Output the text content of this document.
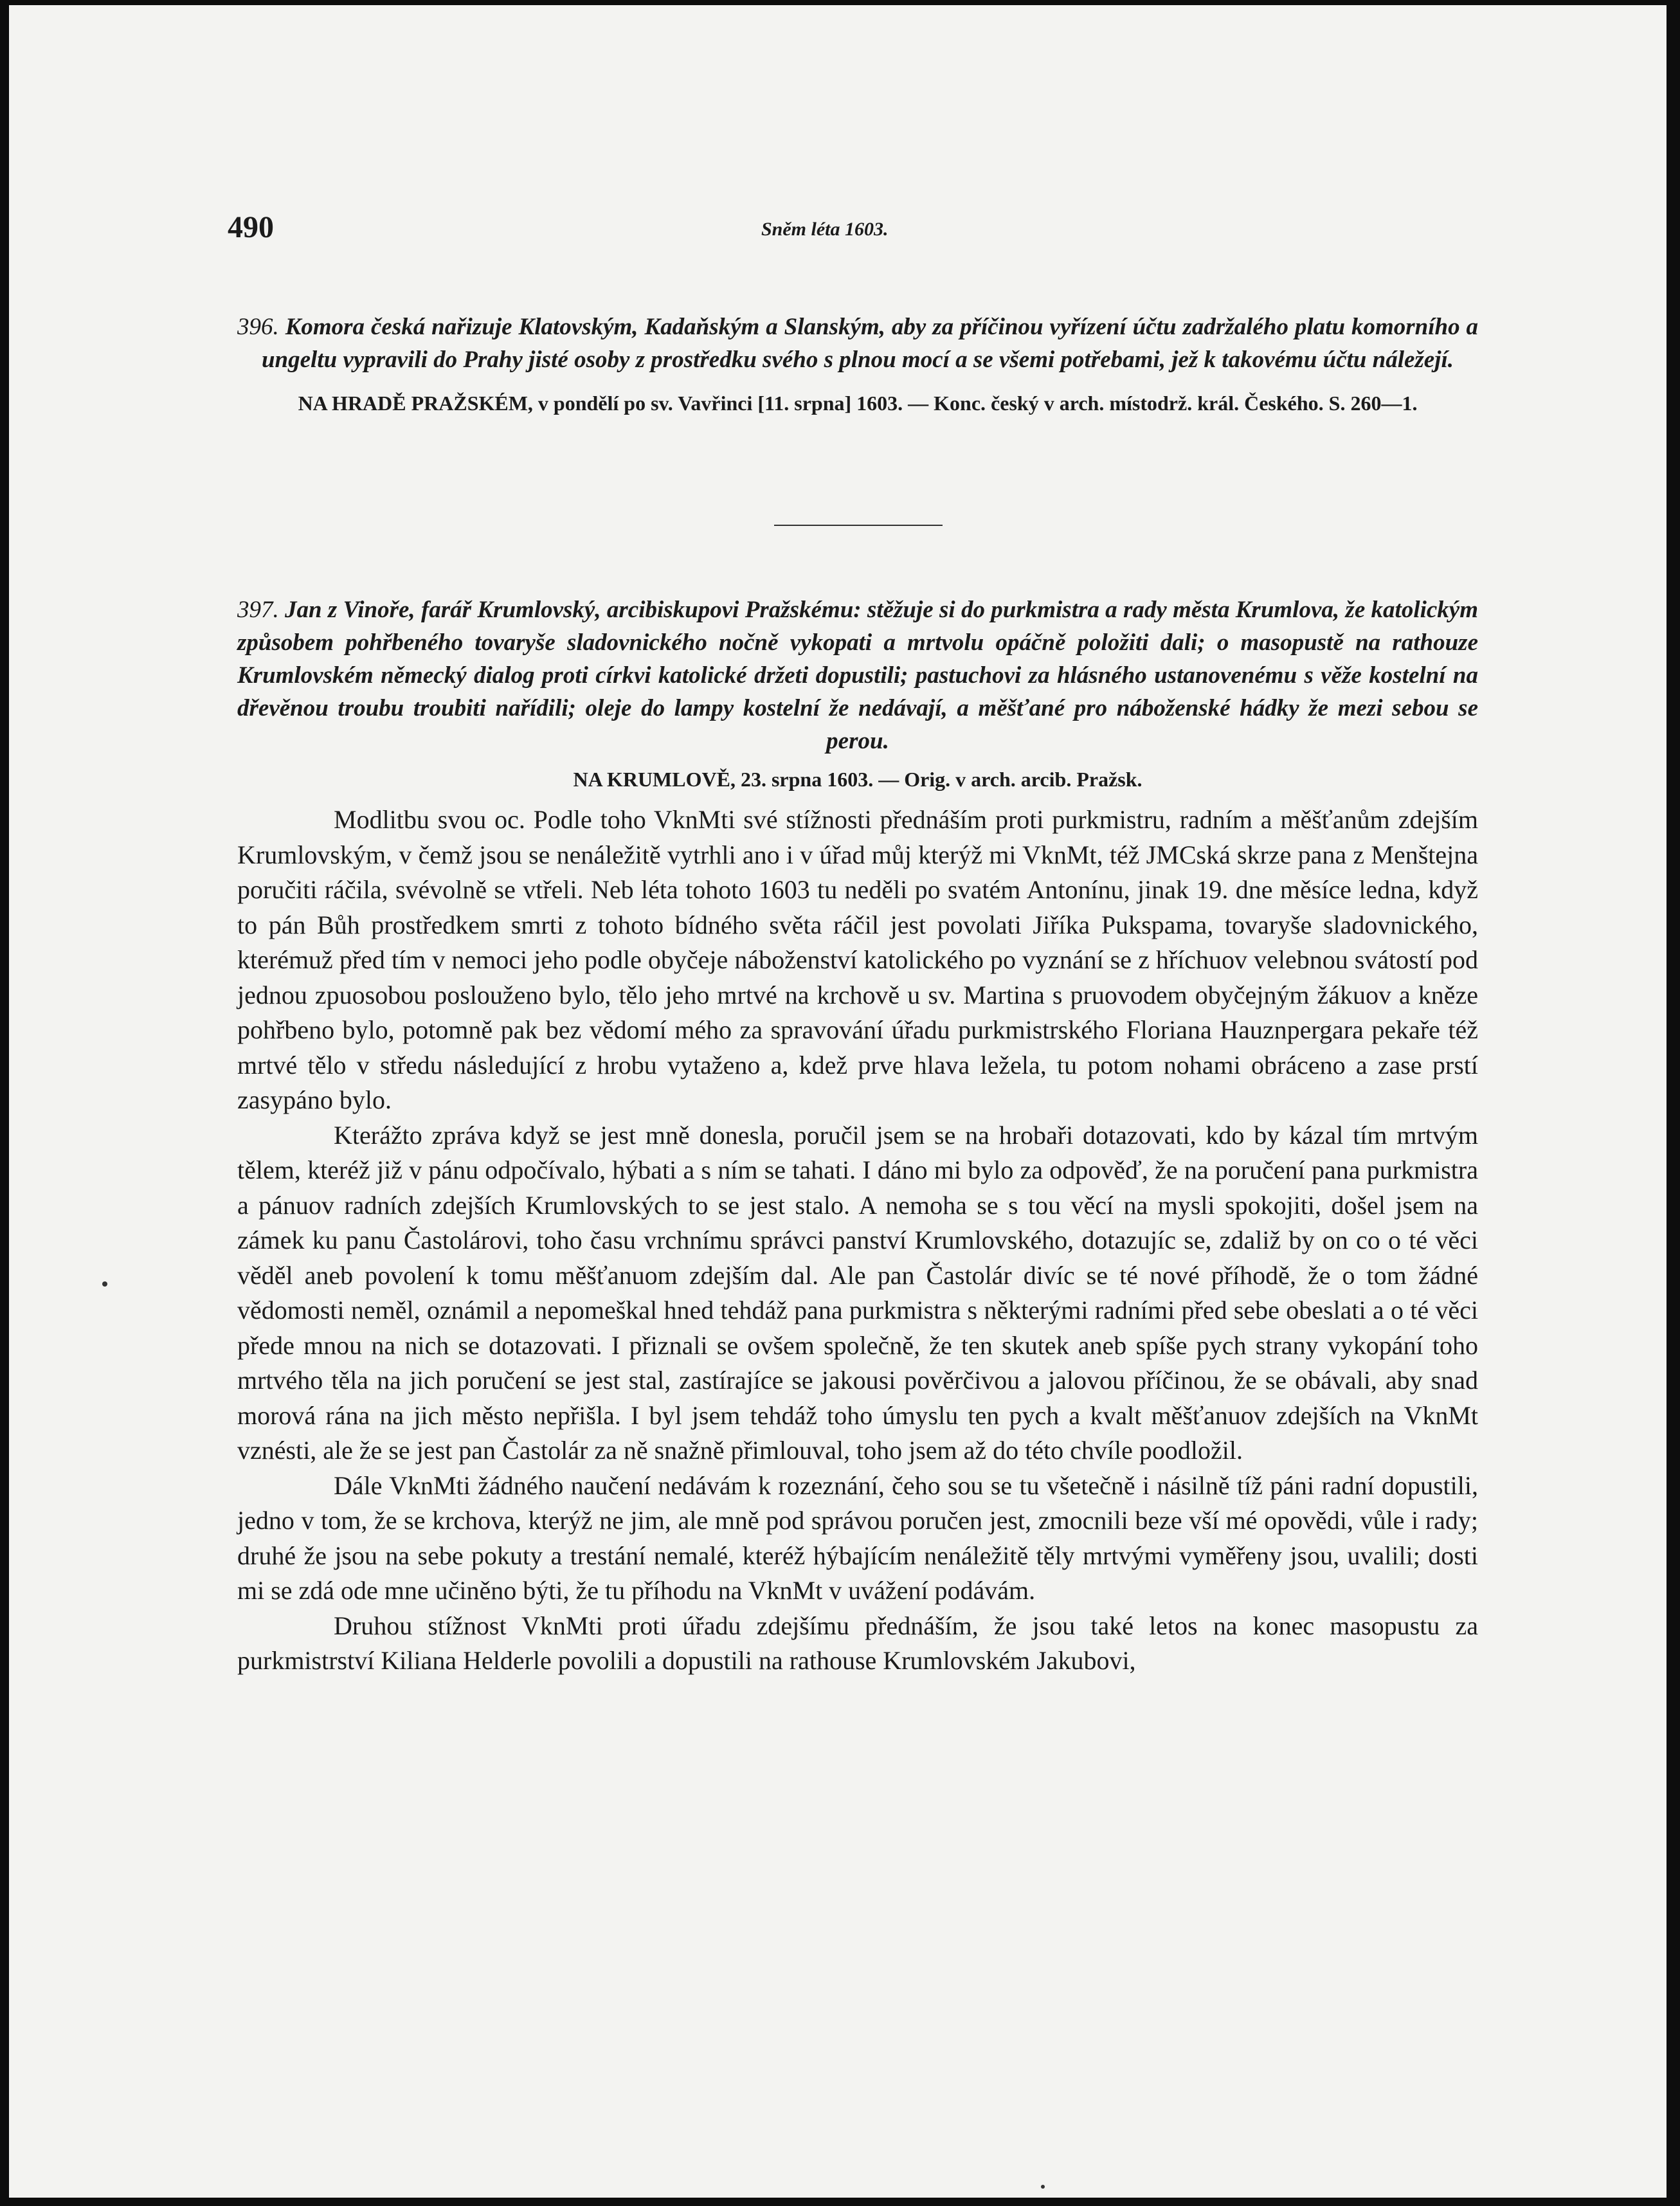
490	Sněm léta 1603.

396. Komora česká nařizuje Klatovským, Kadaňským a Slanským, aby za příčinou vyřízení účtu zadržalého platu komorního a ungeltu vypravili do Prahy jisté osoby z prostředku svého s plnou mocí a se všemi potřebami, jež k takovému účtu náležejí.

NA HRADĚ PRAŽSKÉM, v pondělí po sv. Vavřinci [11. srpna] 1603. — Konc. český v arch. místodrž. král. Českého. S. 260—1.

397. Jan z Vinoře, farář Krumlovský, arcibiskupovi Pražskému: stěžuje si do purkmistra a rady města Krumlova, že katolickým způsobem pohřbeného tovaryše sladovnického nočně vykopati a mrtvolu opáčně položiti dali; o masopustě na rathouze Krumlovském německý dialog proti církvi katolické držeti dopustili; pastuchovi za hlásného ustanovenému s věže kostelní na dřevěnou troubu troubiti nařídili; oleje do lampy kostelní že nedávají, a měšťané pro náboženské hádky že mezi sebou se perou.

NA KRUMLOVĚ, 23. srpna 1603. — Orig. v arch. arcib. Pražsk.

Modlitbu svou oc. Podle toho VknMti své stížnosti přednáším proti purkmistru, radním a měšťanům zdejším Krumlovským, v čemž jsou se nenáležitě vytrhli ano i v úřad můj kterýž mi VknMt, též JMCská skrze pana z Menštejna poručiti ráčila, svévolně se vtřeli. Neb léta tohoto 1603 tu neděli po svatém Antonínu, jinak 19. dne měsíce ledna, když to pán Bůh prostředkem smrti z tohoto bídného světa ráčil jest povolati Jiříka Pukspama, tovaryše sladovnického, kterémuž před tím v nemoci jeho podle obyčeje náboženství katolického po vyznání se z hříchuov velebnou svátostí pod jednou zpuosobou poslouženo bylo, tělo jeho mrtvé na krchově u sv. Martina s pruovodem obyčejným žákuov a kněze pohřbeno bylo, potomně pak bez vědomí mého za spravování úřadu purkmistrského Floriana Hauznpergara pekaře též mrtvé tělo v středu následující z hrobu vytaženo a, kdež prve hlava ležela, tu potom nohami obráceno a zase prstí zasypáno bylo.

Kterážto zpráva když se jest mně donesla, poručil jsem se na hrobaři dotazovati, kdo by kázal tím mrtvým tělem, kteréž již v pánu odpočívalo, hýbati a s ním se tahati. I dáno mi bylo za odpověď, že na poručení pana purkmistra a pánuov radních zdejších Krumlovských to se jest stalo. A nemoha se s tou věcí na mysli spokojiti, došel jsem na zámek ku panu Častolárovi, toho času vrchnímu správci panství Krumlovského, dotazujíc se, zdaliž by on co o té věci věděl aneb povolení k tomu měšťanuom zdejším dal. Ale pan Častolár divíc se té nové příhodě, že o tom žádné vědomosti neměl, oznámil a nepomeškal hned tehdáž pana purkmistra s některými radními před sebe obeslati a o té věci přede mnou na nich se dotazovati. I přiznali se ovšem společně, že ten skutek aneb spíše pych strany vykopání toho mrtvého těla na jich poručení se jest stal, zastírajíce se jakousi pověrčivou a jalovou příčinou, že se obávali, aby snad morová rána na jich město nepřišla. I byl jsem tehdáž toho úmyslu ten pych a kvalt měšťanuov zdejších na VknMt vznésti, ale že se jest pan Častolár za ně snažně přimlouval, toho jsem až do této chvíle poodložil.

Dále VknMti žádného naučení nedávám k rozeznání, čeho sou se tu všetečně i násilně tíž páni radní dopustili, jedno v tom, že se krchova, kterýž ne jim, ale mně pod správou poručen jest, zmocnili beze vší mé opovědi, vůle i rady; druhé že jsou na sebe pokuty a trestání nemalé, kteréž hýbajícím nenáležitě těly mrtvými vyměřeny jsou, uvalili; dosti mi se zdá ode mne učiněno býti, že tu příhodu na VknMt v uvážení podávám.

Druhou stížnost VknMti proti úřadu zdejšímu přednáším, že jsou také letos na konec masopustu za purkmistrství Kiliana Helderle povolili a dopustili na rathouse Krumlovském Jakubovi,
